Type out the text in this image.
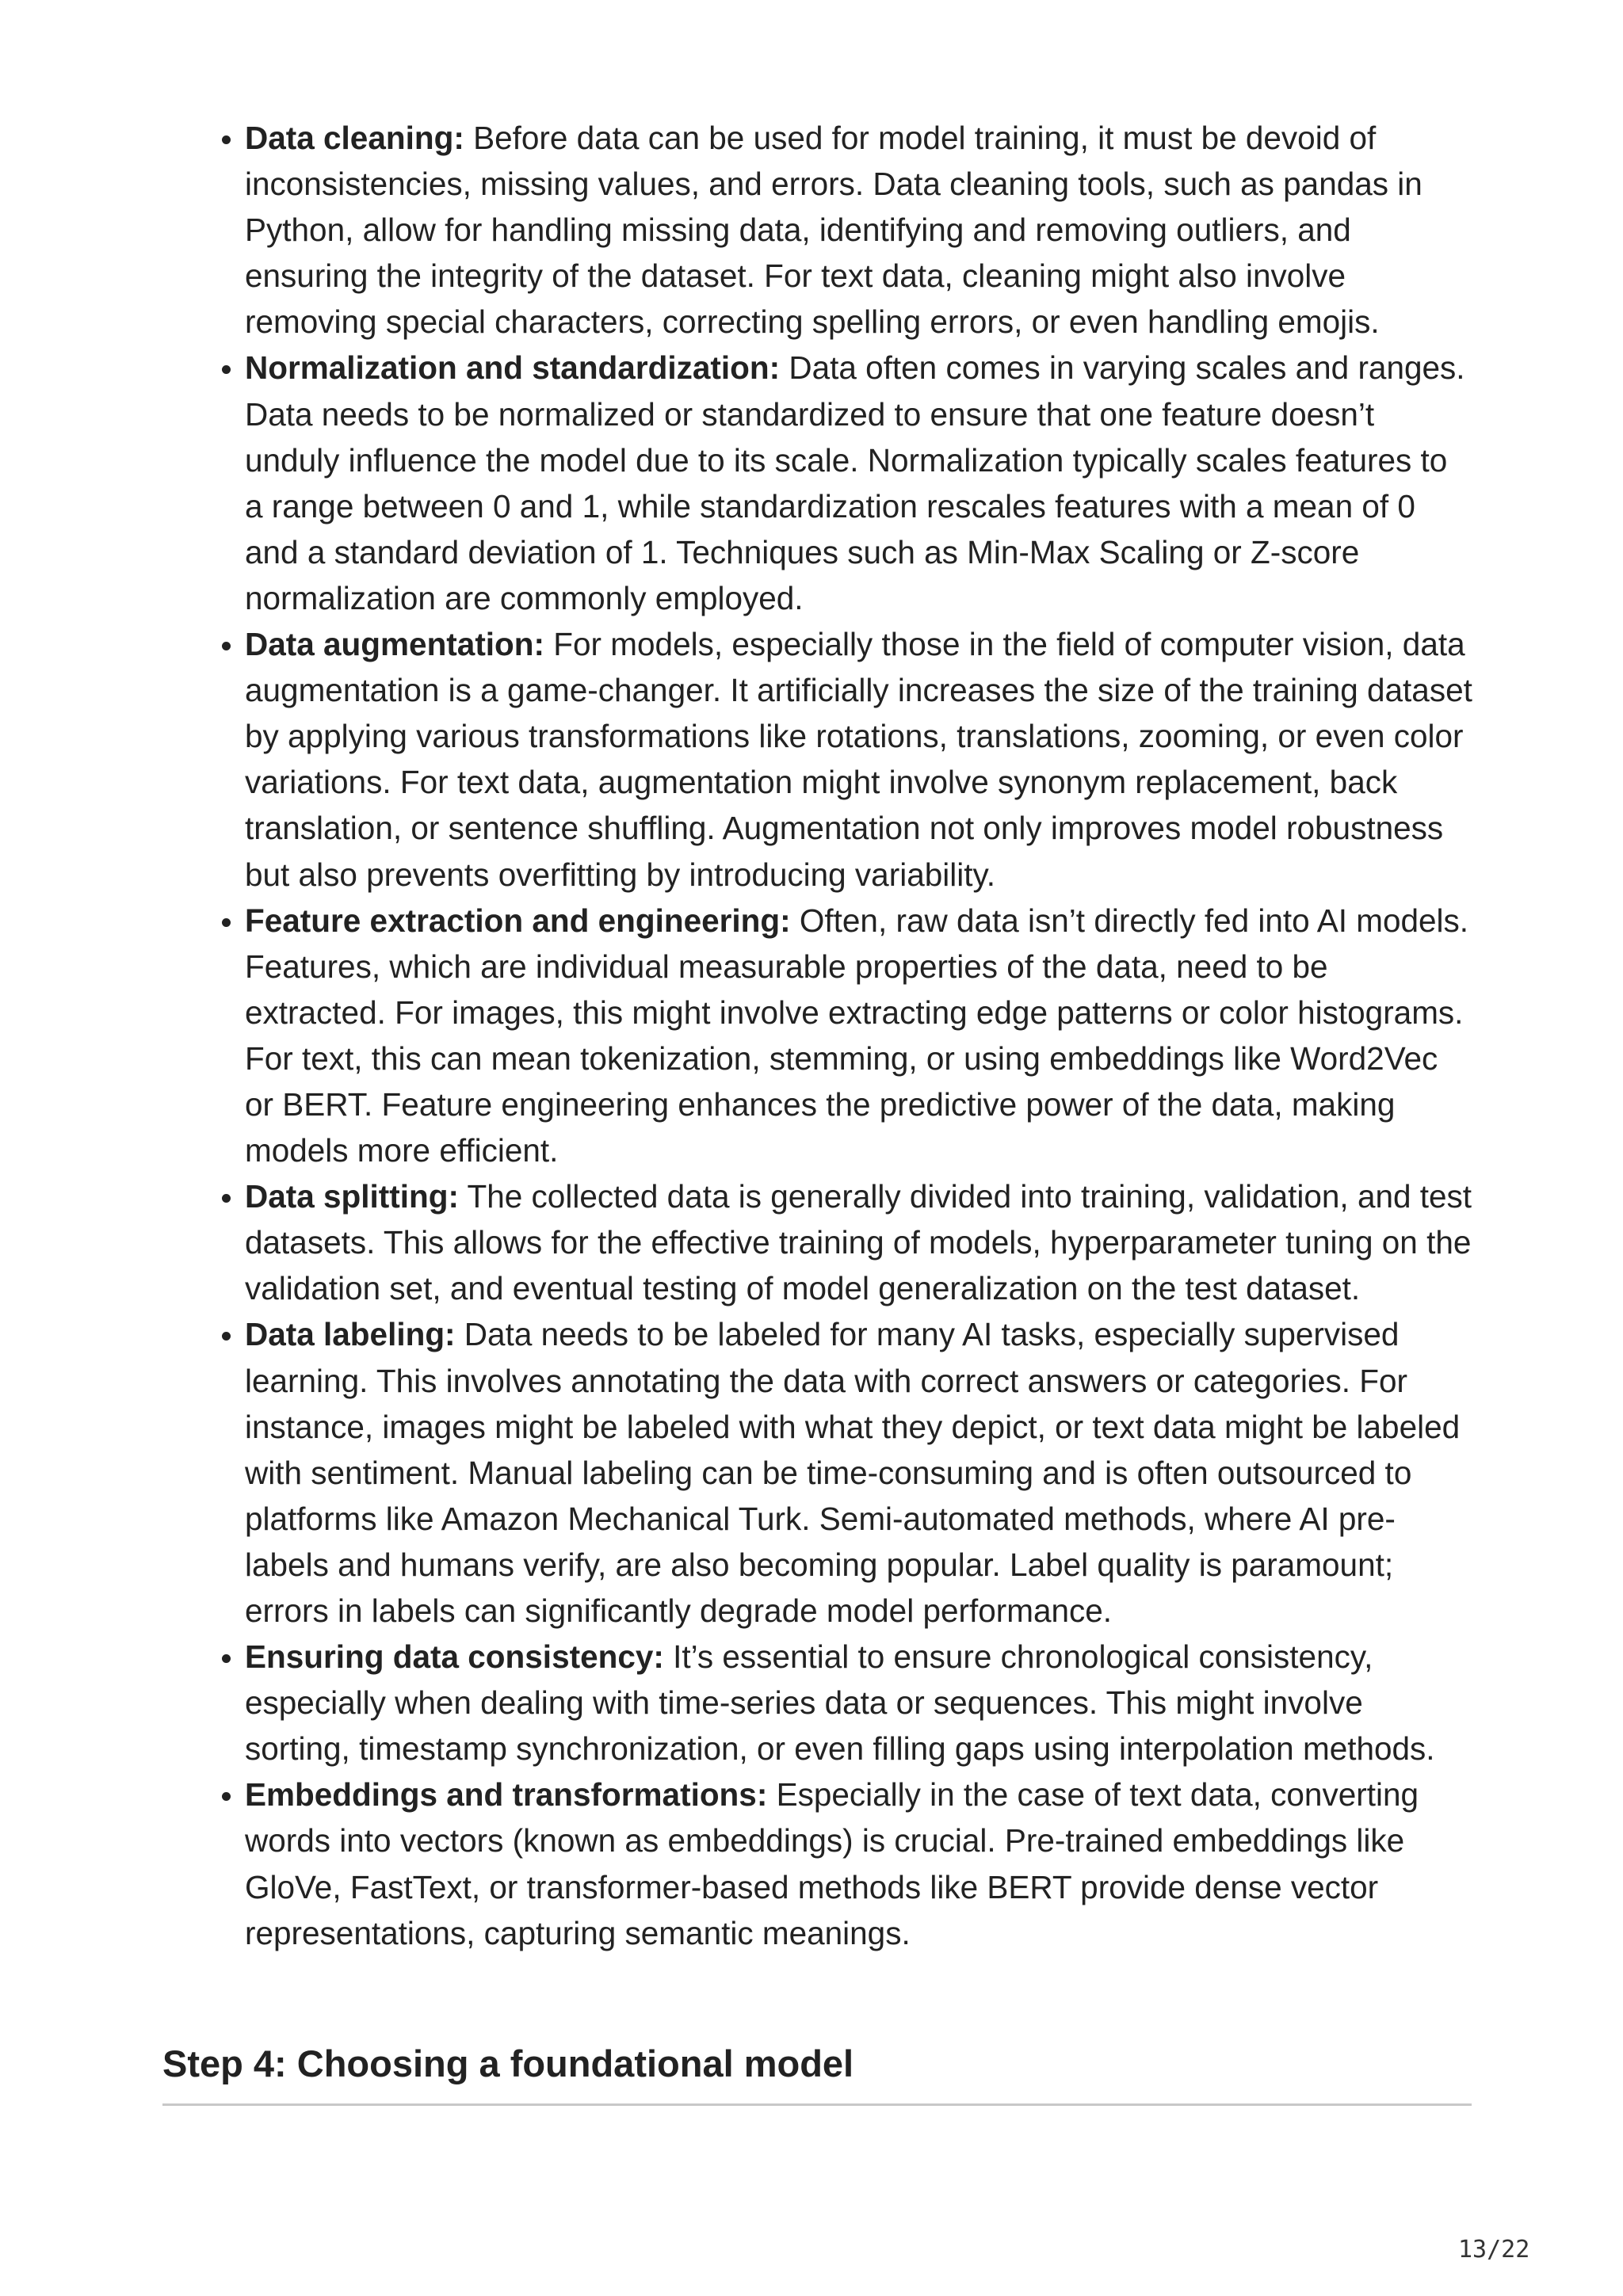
• Data cleaning: Before data can be used for model training, it must be devoid of inconsistencies, missing values, and errors. Data cleaning tools, such as pandas in Python, allow for handling missing data, identifying and removing outliers, and ensuring the integrity of the dataset. For text data, cleaning might also involve removing special characters, correcting spelling errors, or even handling emojis.
• Normalization and standardization: Data often comes in varying scales and ranges. Data needs to be normalized or standardized to ensure that one feature doesn’t unduly influence the model due to its scale. Normalization typically scales features to a range between 0 and 1, while standardization rescales features with a mean of 0 and a standard deviation of 1. Techniques such as Min-Max Scaling or Z-score normalization are commonly employed.
• Data augmentation: For models, especially those in the field of computer vision, data augmentation is a game-changer. It artificially increases the size of the training dataset by applying various transformations like rotations, translations, zooming, or even color variations. For text data, augmentation might involve synonym replacement, back translation, or sentence shuffling. Augmentation not only improves model robustness but also prevents overfitting by introducing variability.
• Feature extraction and engineering: Often, raw data isn’t directly fed into AI models. Features, which are individual measurable properties of the data, need to be extracted. For images, this might involve extracting edge patterns or color histograms. For text, this can mean tokenization, stemming, or using embeddings like Word2Vec or BERT. Feature engineering enhances the predictive power of the data, making models more efficient.
• Data splitting: The collected data is generally divided into training, validation, and test datasets. This allows for the effective training of models, hyperparameter tuning on the validation set, and eventual testing of model generalization on the test dataset.
• Data labeling: Data needs to be labeled for many AI tasks, especially supervised learning. This involves annotating the data with correct answers or categories. For instance, images might be labeled with what they depict, or text data might be labeled with sentiment. Manual labeling can be time-consuming and is often outsourced to platforms like Amazon Mechanical Turk. Semi-automated methods, where AI pre-labels and humans verify, are also becoming popular. Label quality is paramount; errors in labels can significantly degrade model performance.
• Ensuring data consistency: It’s essential to ensure chronological consistency, especially when dealing with time-series data or sequences. This might involve sorting, timestamp synchronization, or even filling gaps using interpolation methods.
• Embeddings and transformations: Especially in the case of text data, converting words into vectors (known as embeddings) is crucial. Pre-trained embeddings like GloVe, FastText, or transformer-based methods like BERT provide dense vector representations, capturing semantic meanings.
Step 4: Choosing a foundational model
13/22
